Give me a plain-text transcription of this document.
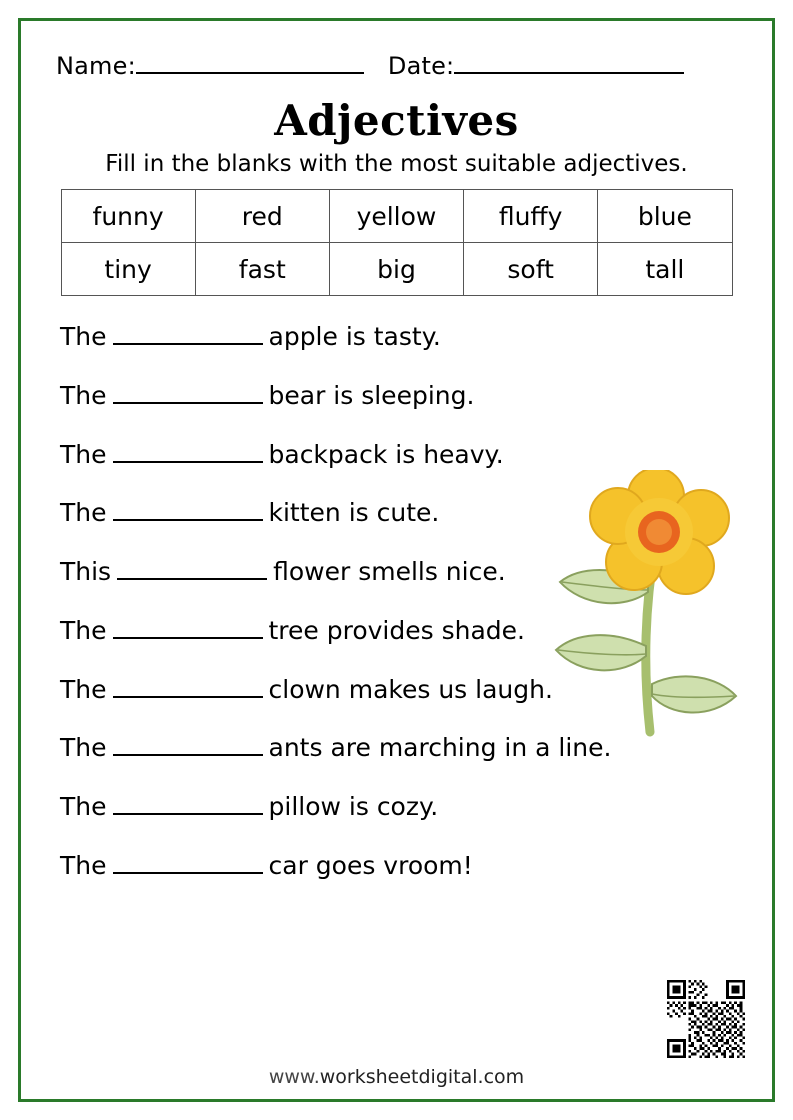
Name:	Date:
Adjectives
Fill in the blanks with the most suitable adjectives.
funny	red	yellow	fluffy	blue
tiny	fast	big	soft	tall
The	apple is tasty.
The	bear is sleeping.
The	backpack is heavy.
The	kitten is cute.
This	flower smells nice.
The	tree provides shade.
The	clown makes us laugh.
The	ants are marching in a line.
The	pillow is cozy.
The	car goes vroom!
www.worksheetdigital.com
